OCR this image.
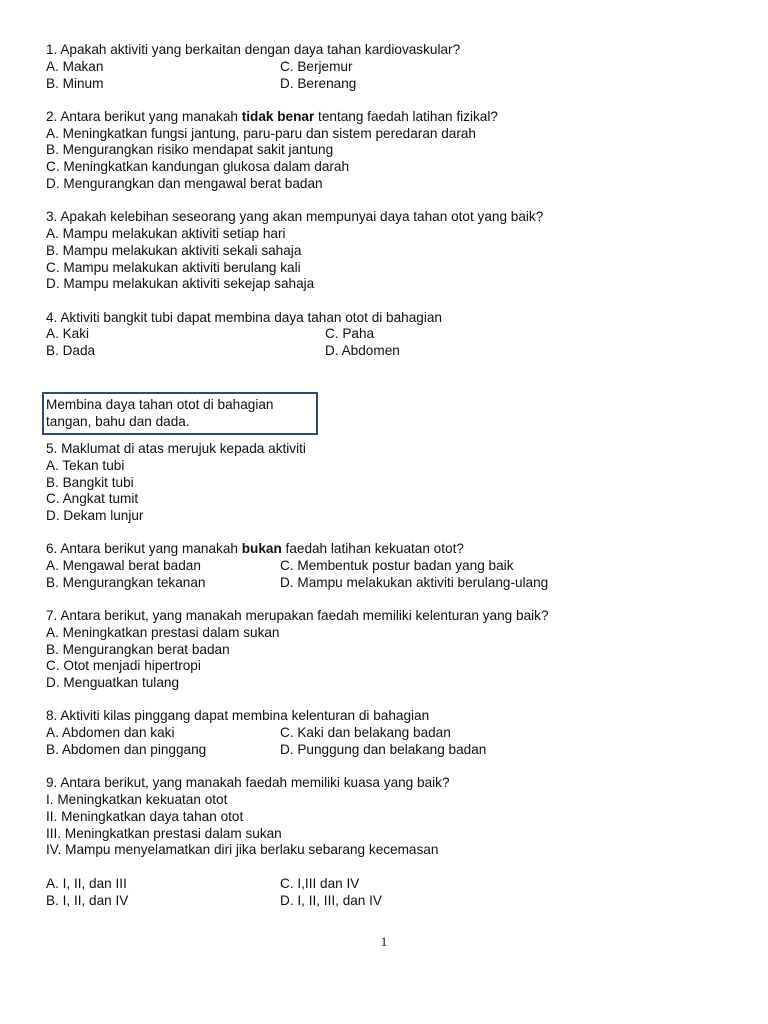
1. Apakah aktiviti yang berkaitan dengan daya tahan kardiovaskular?
A. Makan	C. Berjemur
B. Minum	D. Berenang
2. Antara berikut yang manakah tidak benar tentang faedah latihan fizikal?
A. Meningkatkan fungsi jantung, paru-paru dan sistem peredaran darah
B. Mengurangkan risiko mendapat sakit jantung
C. Meningkatkan kandungan glukosa dalam darah
D. Mengurangkan dan mengawal berat badan
3. Apakah kelebihan seseorang yang akan mempunyai daya tahan otot yang baik?
A. Mampu melakukan aktiviti setiap hari
B. Mampu melakukan aktiviti sekali sahaja
C. Mampu melakukan aktiviti berulang kali
D. Mampu melakukan aktiviti sekejap sahaja
4. Aktiviti bangkit tubi dapat membina daya tahan otot di bahagian
A. Kaki	C. Paha
B. Dada	D. Abdomen
Membina daya tahan otot di bahagian
tangan, bahu dan dada.
5. Maklumat di atas merujuk kepada aktiviti
A. Tekan tubi
B. Bangkit tubi
C. Angkat tumit
D. Dekam lunjur
6. Antara berikut yang manakah bukan faedah latihan kekuatan otot?
A. Mengawal berat badan	C. Membentuk postur badan yang baik
B. Mengurangkan tekanan	D. Mampu melakukan aktiviti berulang-ulang
7. Antara berikut, yang manakah merupakan faedah memiliki kelenturan yang baik?
A. Meningkatkan prestasi dalam sukan
B. Mengurangkan berat badan
C. Otot menjadi hipertropi
D. Menguatkan tulang
8. Aktiviti kilas pinggang dapat membina kelenturan di bahagian
A. Abdomen dan kaki	C. Kaki dan belakang badan
B. Abdomen dan pinggang	D. Punggung dan belakang badan
9. Antara berikut, yang manakah faedah memiliki kuasa yang baik?
I. Meningkatkan kekuatan otot
II. Meningkatkan daya tahan otot
III. Meningkatkan prestasi dalam sukan
IV. Mampu menyelamatkan diri jika berlaku sebarang kecemasan
A. I, II, dan III	C. I,III dan IV
B. I, II, dan IV	D. I, II, III, dan IV
1
